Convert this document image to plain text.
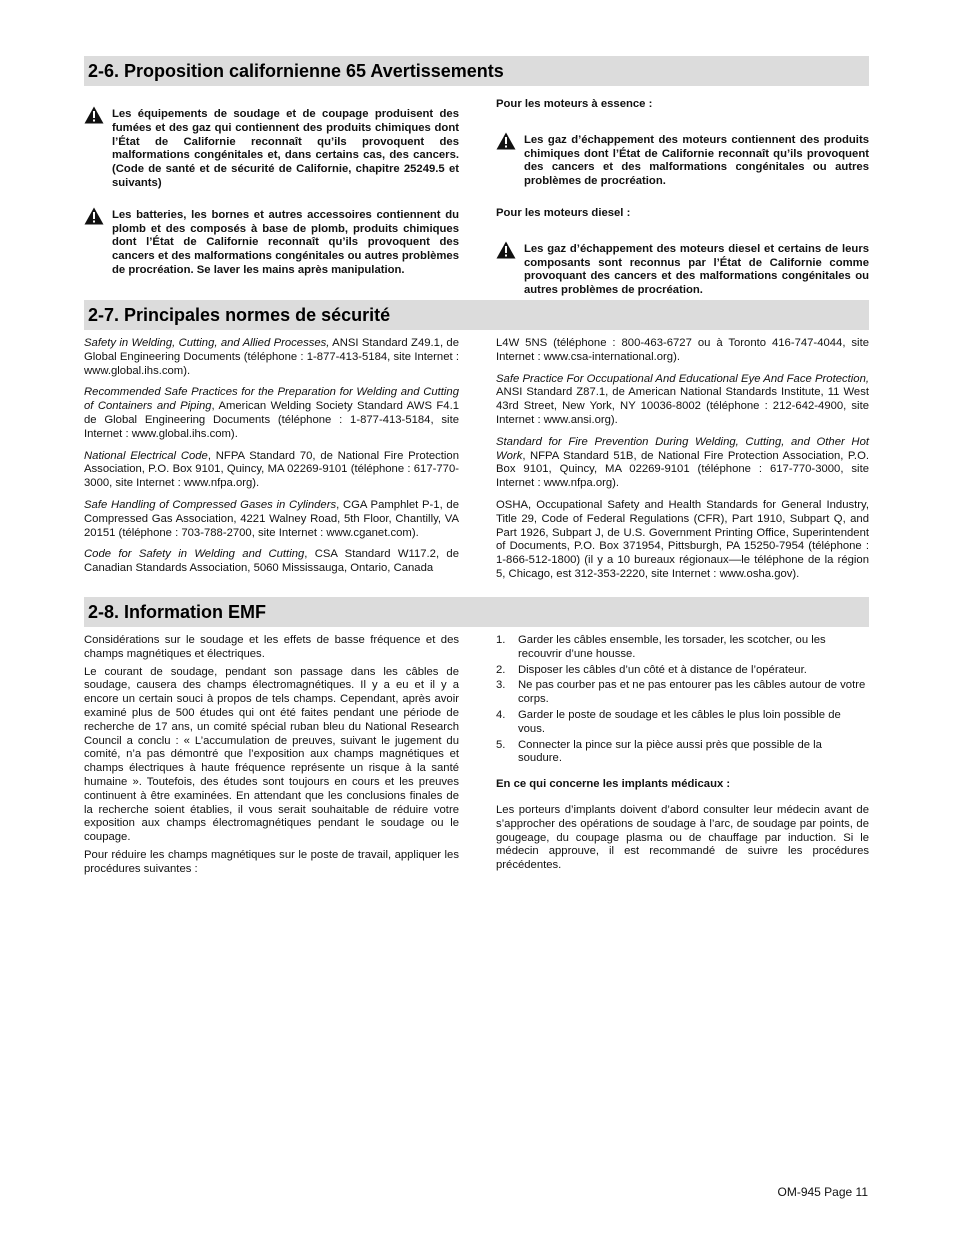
2-6. Proposition californienne 65 Avertissements

Les équipements de soudage et de coupage produisent des fumées et des gaz qui contiennent des produits chimiques dont l’État de Californie reconnaît qu’ils provoquent des malformations congénitales et, dans certains cas, des cancers. (Code de santé et de sécurité de Californie, chapitre 25249.5 et suivants)

Les batteries, les bornes et autres accessoires contiennent du plomb et des composés à base de plomb, produits chimiques dont l’État de Californie reconnaît qu’ils provoquent des cancers et des malformations congénitales ou autres problèmes de procréation. Se laver les mains après manipulation.

Pour les moteurs à essence :

Les gaz d’échappement des moteurs contiennent des produits chimiques dont l’État de Californie reconnaît qu’ils provoquent des cancers et des malformations congénitales ou autres problèmes de procréation.

Pour les moteurs diesel :

Les gaz d’échappement des moteurs diesel et certains de leurs composants sont reconnus par l’État de Californie comme provoquant des cancers et des malformations congénitales ou autres problèmes de procréation.

2-7. Principales normes de sécurité

Safety in Welding, Cutting, and Allied Processes, ANSI Standard Z49.1, de Global Engineering Documents (téléphone : 1-877-413-5184, site Internet : www.global.ihs.com).

Recommended Safe Practices for the Preparation for Welding and Cutting of Containers and Piping, American Welding Society Standard AWS F4.1 de Global Engineering Documents (téléphone : 1-877-413-5184, site Internet : www.global.ihs.com).

National Electrical Code, NFPA Standard 70, de National Fire Protection Association, P.O. Box 9101, Quincy, MA 02269-9101 (téléphone : 617-770-3000, site Internet : www.nfpa.org).

Safe Handling of Compressed Gases in Cylinders, CGA Pamphlet P-1, de Compressed Gas Association, 4221 Walney Road, 5th Floor, Chantilly, VA 20151 (téléphone : 703-788-2700, site Internet : www.cganet.com).

Code for Safety in Welding and Cutting, CSA Standard W117.2, de Canadian Standards Association, 5060 Mississauga, Ontario, Canada

L4W 5NS (téléphone : 800-463-6727 ou à Toronto 416-747-4044, site Internet : www.csa-international.org).

Safe Practice For Occupational And Educational Eye And Face Protection, ANSI Standard Z87.1, de American National Standards Institute, 11 West 43rd Street, New York, NY 10036-8002 (téléphone : 212-642-4900, site Internet : www.ansi.org).

Standard for Fire Prevention During Welding, Cutting, and Other Hot Work, NFPA Standard 51B, de National Fire Protection Association, P.O. Box 9101, Quincy, MA 02269-9101 (téléphone : 617-770-3000, site Internet : www.nfpa.org).

OSHA, Occupational Safety and Health Standards for General Industry, Title 29, Code of Federal Regulations (CFR), Part 1910, Subpart Q, and Part 1926, Subpart J, de U.S. Government Printing Office, Superintendent of Documents, P.O. Box 371954, Pittsburgh, PA 15250-7954 (téléphone : 1-866-512-1800) (il y a 10 bureaux régionaux––le téléphone de la région 5, Chicago, est 312-353-2220, site Internet : www.osha.gov).

2-8. Information EMF

Considérations sur le soudage et les effets de basse fréquence et des champs magnétiques et électriques.

Le courant de soudage, pendant son passage dans les câbles de soudage, causera des champs électromagnétiques. Il y a eu et il y a encore un certain souci à propos de tels champs. Cependant, après avoir examiné plus de 500 études qui ont été faites pendant une période de recherche de 17 ans, un comité spécial ruban bleu du National Research Council a conclu : « L’accumulation de preuves, suivant le jugement du comité, n’a pas démontré que l’exposition aux champs magnétiques et champs électriques à haute fréquence représente un risque à la santé humaine ». Toutefois, des études sont toujours en cours et les preuves continuent à être examinées. En attendant que les conclusions finales de la recherche soient établies, il vous serait souhaitable de réduire votre exposition aux champs électromagnétiques pendant le soudage ou le coupage.

Pour réduire les champs magnétiques sur le poste de travail, appliquer les procédures suivantes :

1. Garder les câbles ensemble, les torsader, les scotcher, ou les recouvrir d’une housse.
2. Disposer les câbles d’un côté et à distance de l’opérateur.
3. Ne pas courber pas et ne pas entourer pas les câbles autour de votre corps.
4. Garder le poste de soudage et les câbles le plus loin possible de vous.
5. Connecter la pince sur la pièce aussi près que possible de la soudure.

En ce qui concerne les implants médicaux :

Les porteurs d’implants doivent d’abord consulter leur médecin avant de s’approcher des opérations de soudage à l’arc, de soudage par points, de gougeage, du coupage plasma ou de chauffage par induction. Si le médecin approuve, il est recommandé de suivre les procédures précédentes.

OM-945 Page 11
